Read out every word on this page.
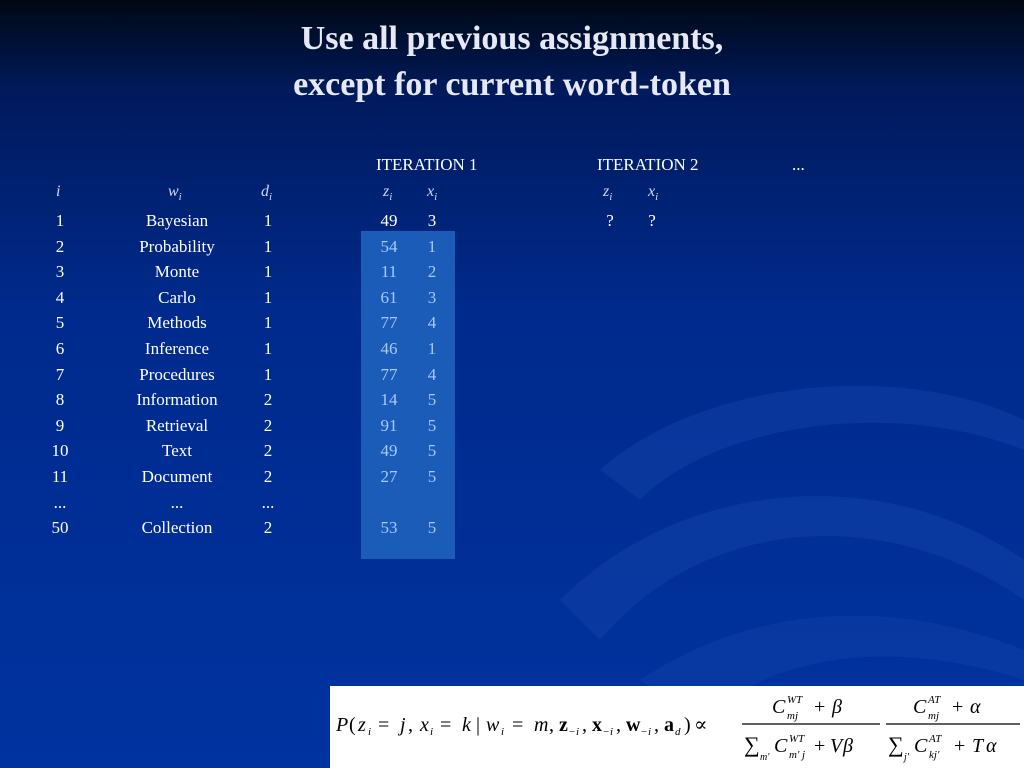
Use all previous assignments,
except for current word-token
ITERATION 1	ITERATION 2	...
i	$w_i$	$d_i$	$z_i$ $x_i$	$z_i$ $x_i$
1	Bayesian	1	49	3	?	?
2	Probability	1	54	1
3	Monte	1	11	2
4	Carlo	1	61	3
5	Methods	1	77	4
6	Inference	1	46	1
7	Procedures	1	77	4
8	Information	2	14	5
9	Retrieval	2	91	5
10	Text	2	49	5
11	Document	2	27	5
...	...	...
50	Collection	2	53	5
P ( z i = j , x i = k | w i = m , z − i , x − i , w − i , a d ) ∝
C WT
mj + β
∑
m'
C WT
m' j + V β
C AT
mj + α
∑
j'
C AT
kj' + T α
